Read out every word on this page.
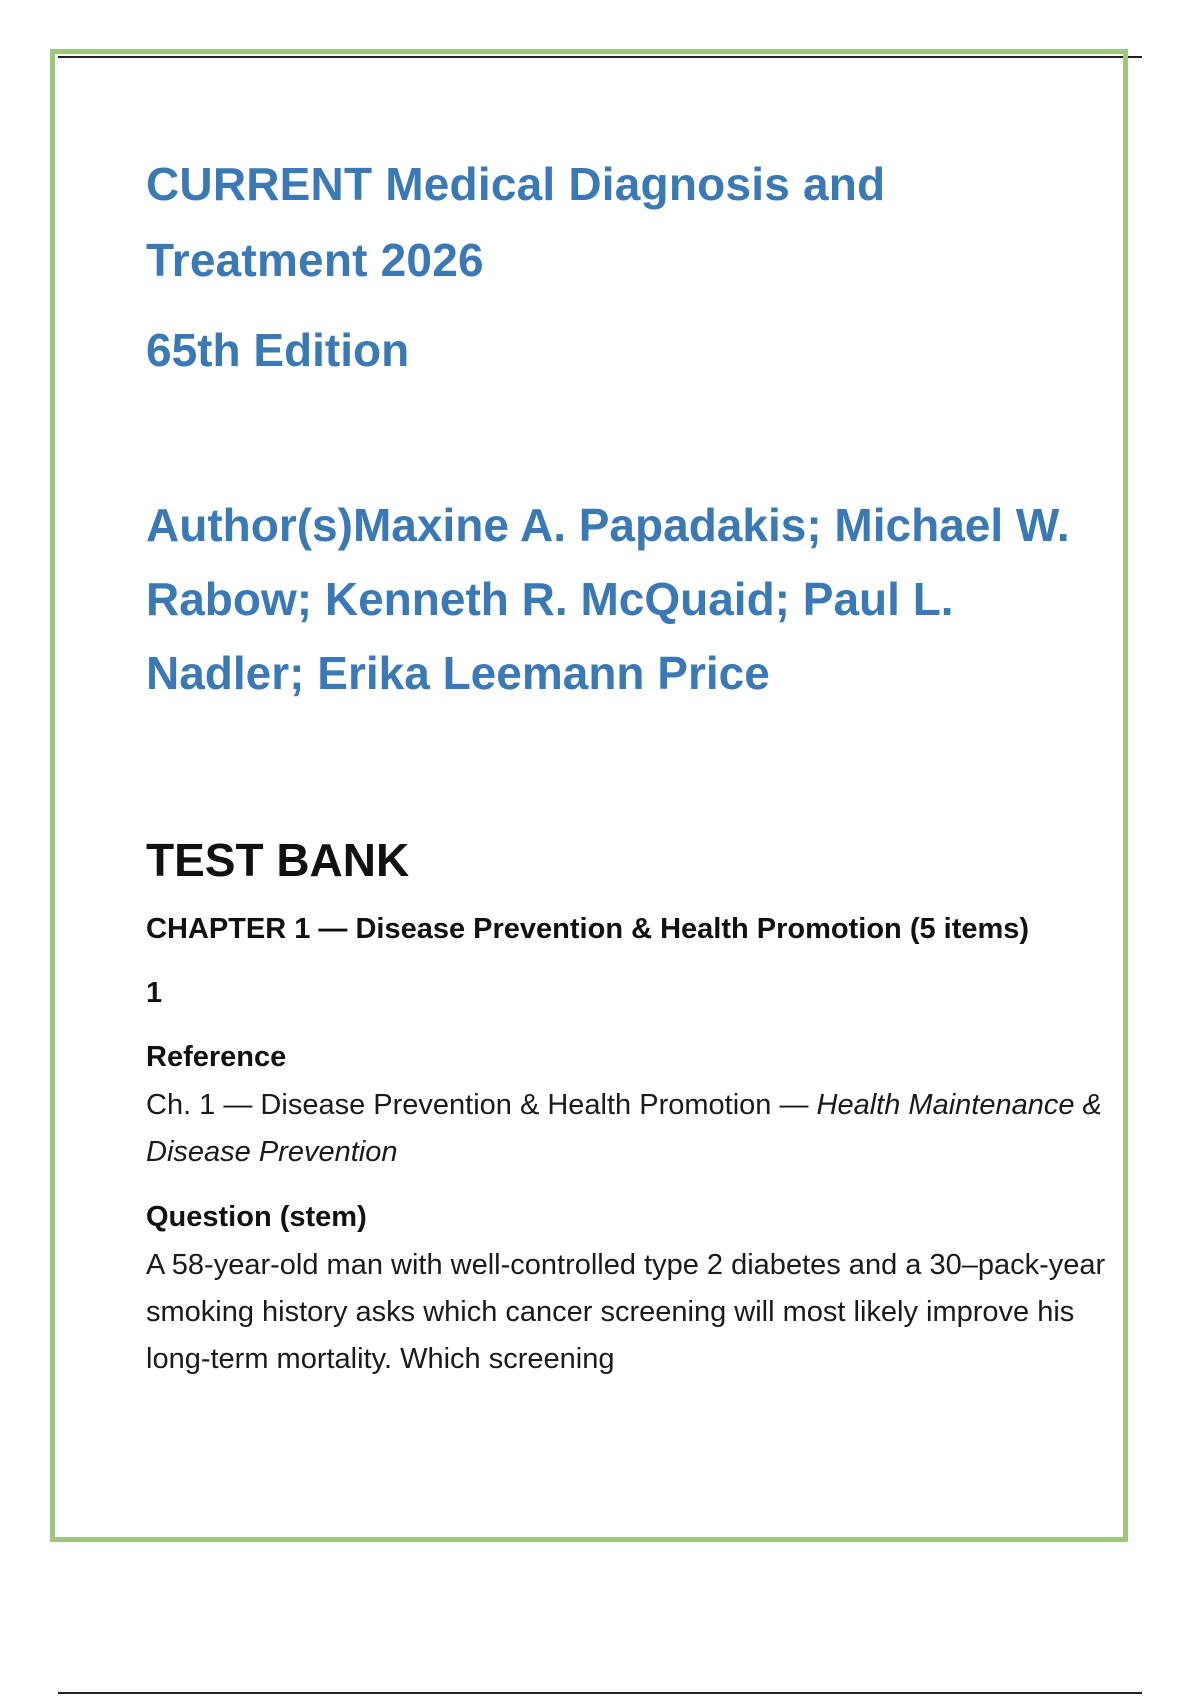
CURRENT Medical Diagnosis and Treatment 2026
65th Edition
Author(s)Maxine A. Papadakis; Michael W. Rabow; Kenneth R. McQuaid; Paul L. Nadler; Erika Leemann Price
TEST BANK
CHAPTER 1 — Disease Prevention & Health Promotion (5 items)
1
Reference
Ch. 1 — Disease Prevention & Health Promotion — Health Maintenance & Disease Prevention
Question (stem)
A 58-year-old man with well-controlled type 2 diabetes and a 30–pack-year smoking history asks which cancer screening will most likely improve his long-term mortality. Which screening
